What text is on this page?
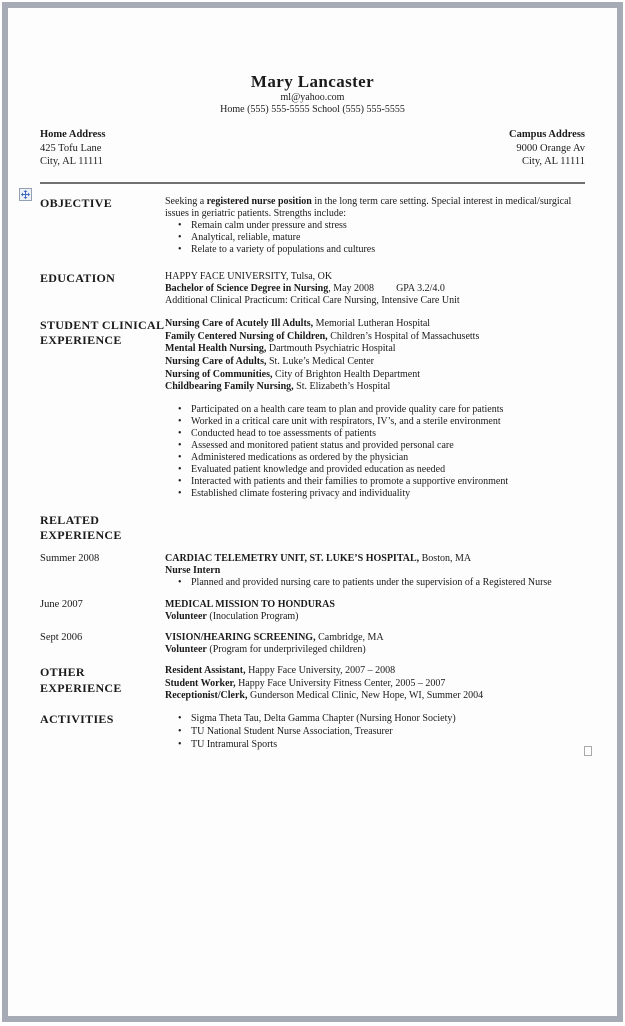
Mary Lancaster
ml@yahoo.com
Home (555) 555-5555 School (555) 555-5555
Home Address
425 Tofu Lane
City, AL 11111
Campus Address
9000 Orange Av
City, AL 11111
OBJECTIVE	Seeking a registered nurse position in the long term care setting. Special interest in medical/surgical issues in geriatric patients. Strengths include:
• Remain calm under pressure and stress
• Analytical, reliable, mature
• Relate to a variety of populations and cultures
EDUCATION	HAPPY FACE UNIVERSITY, Tulsa, OK
Bachelor of Science Degree in Nursing, May 2008 GPA 3.2/4.0
Additional Clinical Practicum: Critical Care Nursing, Intensive Care Unit
STUDENT CLINICAL EXPERIENCE
Nursing Care of Acutely Ill Adults, Memorial Lutheran Hospital
Family Centered Nursing of Children, Children’s Hospital of Massachusetts
Mental Health Nursing, Dartmouth Psychiatric Hospital
Nursing Care of Adults, St. Luke’s Medical Center
Nursing of Communities, City of Brighton Health Department
Childbearing Family Nursing, St. Elizabeth’s Hospital
• Participated on a health care team to plan and provide quality care for patients
• Worked in a critical care unit with respirators, IV’s, and a sterile environment
• Conducted head to toe assessments of patients
• Assessed and monitored patient status and provided personal care
• Administered medications as ordered by the physician
• Evaluated patient knowledge and provided education as needed
• Interacted with patients and their families to promote a supportive environment
• Established climate fostering privacy and individuality
RELATED EXPERIENCE
Summer 2008	CARDIAC TELEMETRY UNIT, ST. LUKE’S HOSPITAL, Boston, MA
Nurse Intern
• Planned and provided nursing care to patients under the supervision of a Registered Nurse
June 2007	MEDICAL MISSION TO HONDURAS
Volunteer (Inoculation Program)
Sept 2006	VISION/HEARING SCREENING, Cambridge, MA
Volunteer (Program for underprivileged children)
OTHER EXPERIENCE
Resident Assistant, Happy Face University, 2007 – 2008
Student Worker, Happy Face University Fitness Center, 2005 – 2007
Receptionist/Clerk, Gunderson Medical Clinic, New Hope, WI, Summer 2004
ACTIVITIES	• Sigma Theta Tau, Delta Gamma Chapter (Nursing Honor Society)
• TU National Student Nurse Association, Treasurer
• TU Intramural Sports
